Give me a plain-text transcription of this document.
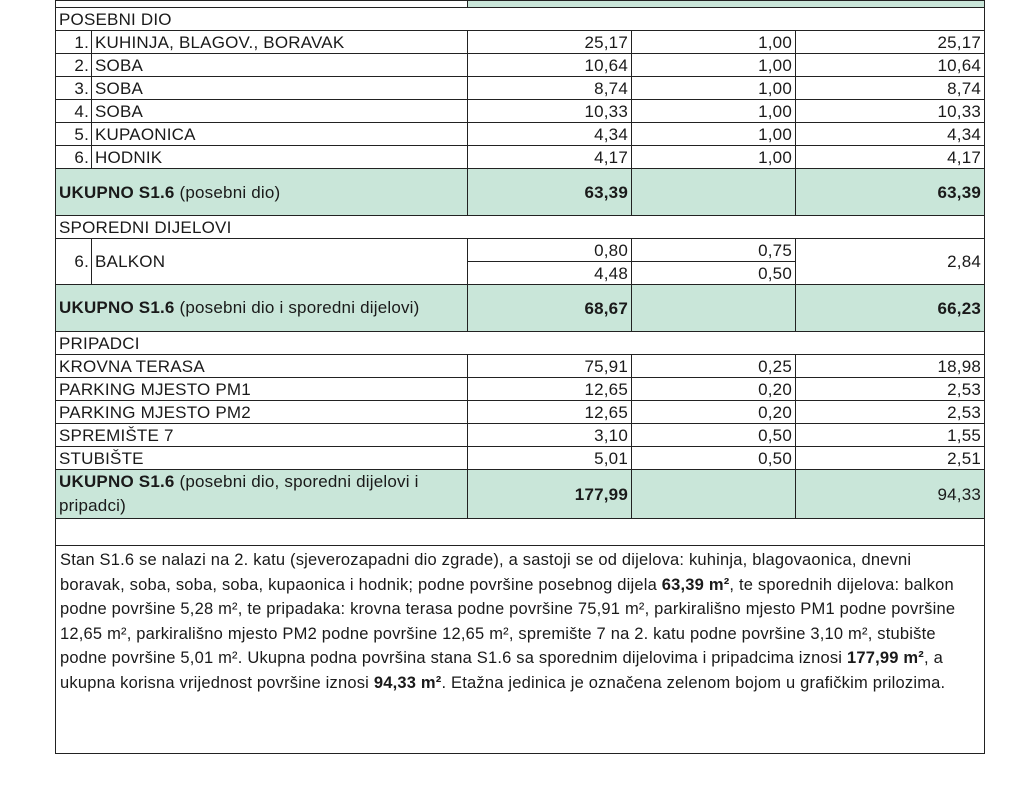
POSEBNI DIO				
1.	KUHINJA, BLAGOV., BORAVAK	25,17	1,00	25,17
2.	SOBA	10,64	1,00	10,64
3.	SOBA	8,74	1,00	8,74
4.	SOBA	10,33	1,00	10,33
5.	KUPAONICA	4,34	1,00	4,34
6.	HODNIK	4,17	1,00	4,17
UKUPNO S1.6 (posebni dio)		63,39		63,39
SPOREDNI DIJELOVI				
6.	BALKON	0,80	0,75	2,84
		4,48	0,50	
UKUPNO S1.6 (posebni dio i sporedni dijelovi)		68,67		66,23
PRIPADCI				
KROVNA TERASA		75,91	0,25	18,98
PARKING MJESTO PM1		12,65	0,20	2,53
PARKING MJESTO PM2		12,65	0,20	2,53
SPREMIŠTE 7		3,10	0,50	1,55
STUBIŠTE		5,01	0,50	2,51
UKUPNO S1.6 (posebni dio, sporedni dijelovi i pripadci)		177,99		94,33

Stan S1.6 se nalazi na 2. katu (sjeverozapadni dio zgrade), a sastoji se od dijelova: kuhinja, blagovaonica, dnevni boravak, soba, soba, soba, kupaonica i hodnik; podne površine posebnog dijela 63,39 m², te sporednih dijelova: balkon podne površine 5,28 m², te pripadaka: krovna terasa podne površine 75,91 m², parkirališno mjesto PM1 podne površine 12,65 m², parkirališno mjesto PM2 podne površine 12,65 m², spremište 7 na 2. katu podne površine 3,10 m², stubište podne površine 5,01 m². Ukupna podna površina stana S1.6 sa sporednim dijelovima i pripadcima iznosi 177,99 m², a ukupna korisna vrijednost površine iznosi 94,33 m². Etažna jedinica je označena zelenom bojom u grafičkim prilozima.				
